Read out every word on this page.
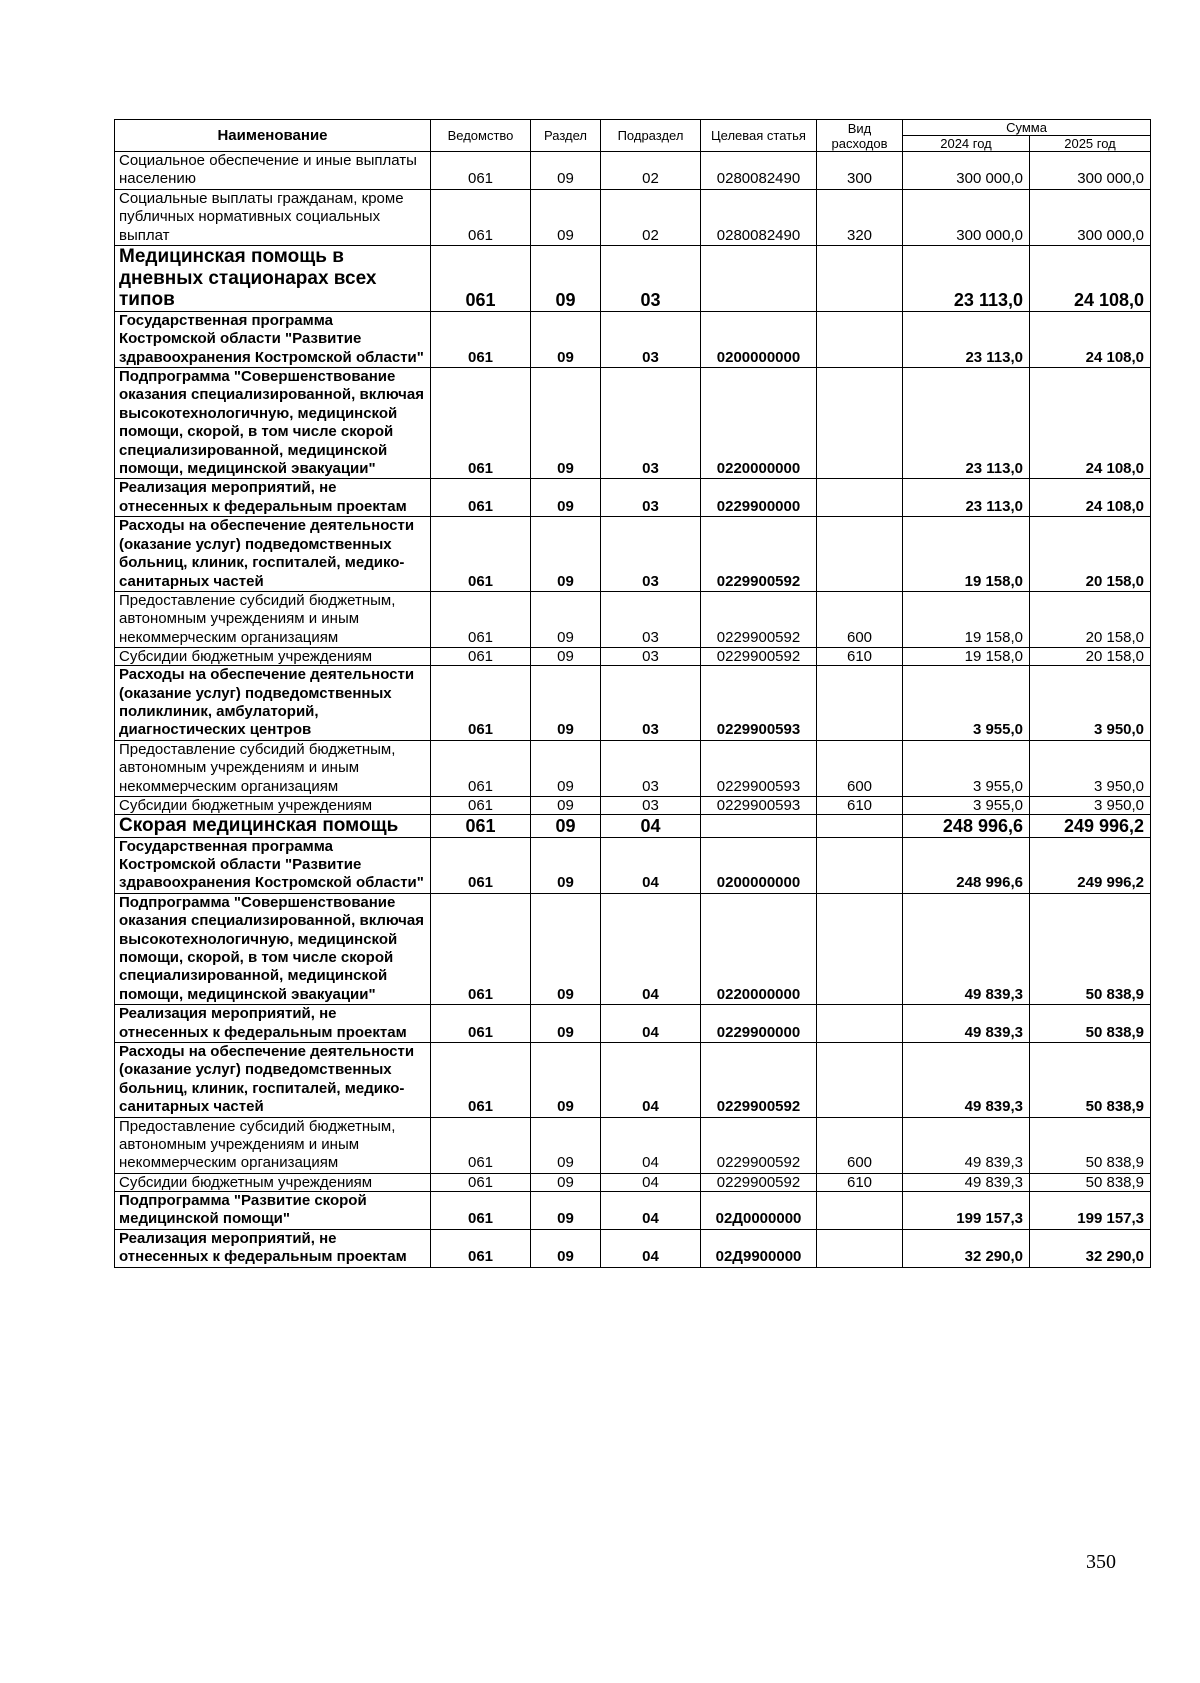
Наименование	Ведомство	Раздел	Подраздел	Целевая статья	Вид расходов	Сумма	
						2024 год	2025 год
Социальное обеспечение и иные выплаты населению	061	09	02	0280082490	300	300 000,0	300 000,0
Социальные выплаты гражданам, кроме публичных нормативных социальных выплат	061	09	02	0280082490	320	300 000,0	300 000,0
Медицинская помощь в дневных стационарах всех типов	061	09	03			23 113,0	24 108,0
Государственная программа Костромской области "Развитие здравоохранения Костромской области"	061	09	03	0200000000		23 113,0	24 108,0
Подпрограмма "Совершенствование оказания специализированной, включая высокотехнологичную, медицинской помощи, скорой, в том числе скорой специализированной, медицинской помощи, медицинской эвакуации"	061	09	03	0220000000		23 113,0	24 108,0
Реализация мероприятий, не отнесенных к федеральным проектам	061	09	03	0229900000		23 113,0	24 108,0
Расходы на обеспечение деятельности (оказание услуг) подведомственных больниц, клиник, госпиталей, медико-санитарных частей	061	09	03	0229900592		19 158,0	20 158,0
Предоставление субсидий бюджетным, автономным учреждениям и иным некоммерческим организациям	061	09	03	0229900592	600	19 158,0	20 158,0
Субсидии бюджетным учреждениям	061	09	03	0229900592	610	19 158,0	20 158,0
Расходы на обеспечение деятельности (оказание услуг) подведомственных поликлиник, амбулаторий, диагностических центров	061	09	03	0229900593		3 955,0	3 950,0
Предоставление субсидий бюджетным, автономным учреждениям и иным некоммерческим организациям	061	09	03	0229900593	600	3 955,0	3 950,0
Субсидии бюджетным учреждениям	061	09	03	0229900593	610	3 955,0	3 950,0
Скорая медицинская помощь	061	09	04			248 996,6	249 996,2
Государственная программа Костромской области "Развитие здравоохранения Костромской области"	061	09	04	0200000000		248 996,6	249 996,2
Подпрограмма "Совершенствование оказания специализированной, включая высокотехнологичную, медицинской помощи, скорой, в том числе скорой специализированной, медицинской помощи, медицинской эвакуации"	061	09	04	0220000000		49 839,3	50 838,9
Реализация мероприятий, не отнесенных к федеральным проектам	061	09	04	0229900000		49 839,3	50 838,9
Расходы на обеспечение деятельности (оказание услуг) подведомственных больниц, клиник, госпиталей, медико-санитарных частей	061	09	04	0229900592		49 839,3	50 838,9
Предоставление субсидий бюджетным, автономным учреждениям и иным некоммерческим организациям	061	09	04	0229900592	600	49 839,3	50 838,9
Субсидии бюджетным учреждениям	061	09	04	0229900592	610	49 839,3	50 838,9
Подпрограмма "Развитие скорой медицинской помощи"	061	09	04	02Д0000000		199 157,3	199 157,3
Реализация мероприятий, не отнесенных к федеральным проектам	061	09	04	02Д9900000		32 290,0	32 290,0
350
